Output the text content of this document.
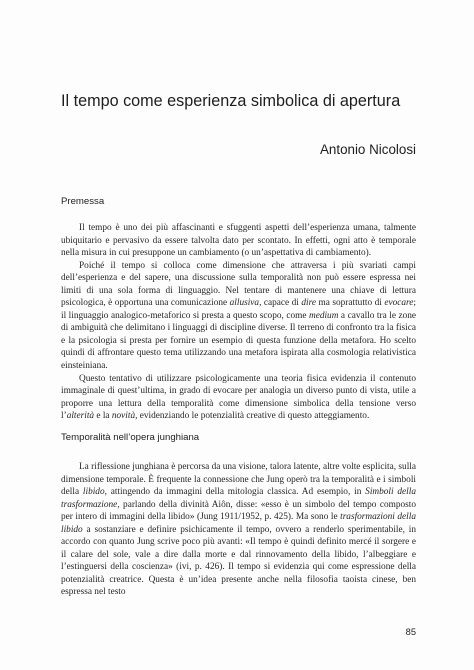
Il tempo come esperienza simbolica di apertura
Antonio Nicolosi
Premessa

Il tempo è uno dei più affascinanti e sfuggenti aspetti dell’esperienza umana, talmente ubiquitario e pervasivo da essere talvolta dato per scontato. In effetti, ogni atto è temporale nella misura in cui presuppone un cambiamento (o un’aspettativa di cambiamento).

Poiché il tempo si colloca come dimensione che attraversa i più svariati campi dell’esperienza e del sapere, una discussione sulla temporalità non può essere espressa nei limiti di una sola forma di linguaggio. Nel tentare di mantenere una chiave di lettura psicologica, è opportuna una comunicazione allusiva, capace di dire ma soprattutto di evocare; il linguaggio analogico-metaforico si presta a questo scopo, come medium a cavallo tra le zone di ambiguità che delimitano i linguaggi di discipline diverse. Il terreno di confronto tra la fisica e la psicologia si presta per fornire un esempio di questa funzione della metafora. Ho scelto quindi di affrontare questo tema utilizzando una metafora ispirata alla cosmologia relativistica einsteiniana.

Questo tentativo di utilizzare psicologicamente una teoria fisica evidenzia il contenuto immaginale di quest’ultima, in grado di evocare per analogia un diverso punto di vista, utile a proporre una lettura della temporalità come dimensione simbolica della tensione verso l’alterità e la novità, evidenziando le potenzialità creative di questo atteggiamento.

Temporalità nell’opera junghiana

La riflessione junghiana è percorsa da una visione, talora latente, altre volte esplicita, sulla dimensione temporale. È frequente la connessione che Jung operò tra la temporalità e i simboli della libido, attingendo da immagini della mitologia classica. Ad esempio, in Simboli della trasformazione, parlando della divinità Aiôn, disse: «esso è un simbolo del tempo composto per intero di immagini della libido» (Jung 1911/1952, p. 425). Ma sono le trasformazioni della libido a sostanziare e definire psichicamente il tempo, ovvero a renderlo sperimentabile, in accordo con quanto Jung scrive poco più avanti: «Il tempo è quindi definito mercé il sorgere e il calare del sole, vale a dire dalla morte e dal rinnovamento della libido, l’albeggiare e l’estinguersi della coscienza» (ivi, p. 426). Il tempo si evidenzia qui come espressione della potenzialità creatrice. Questa è un’idea presente anche nella filosofia taoista cinese, ben espressa nel testo

85
